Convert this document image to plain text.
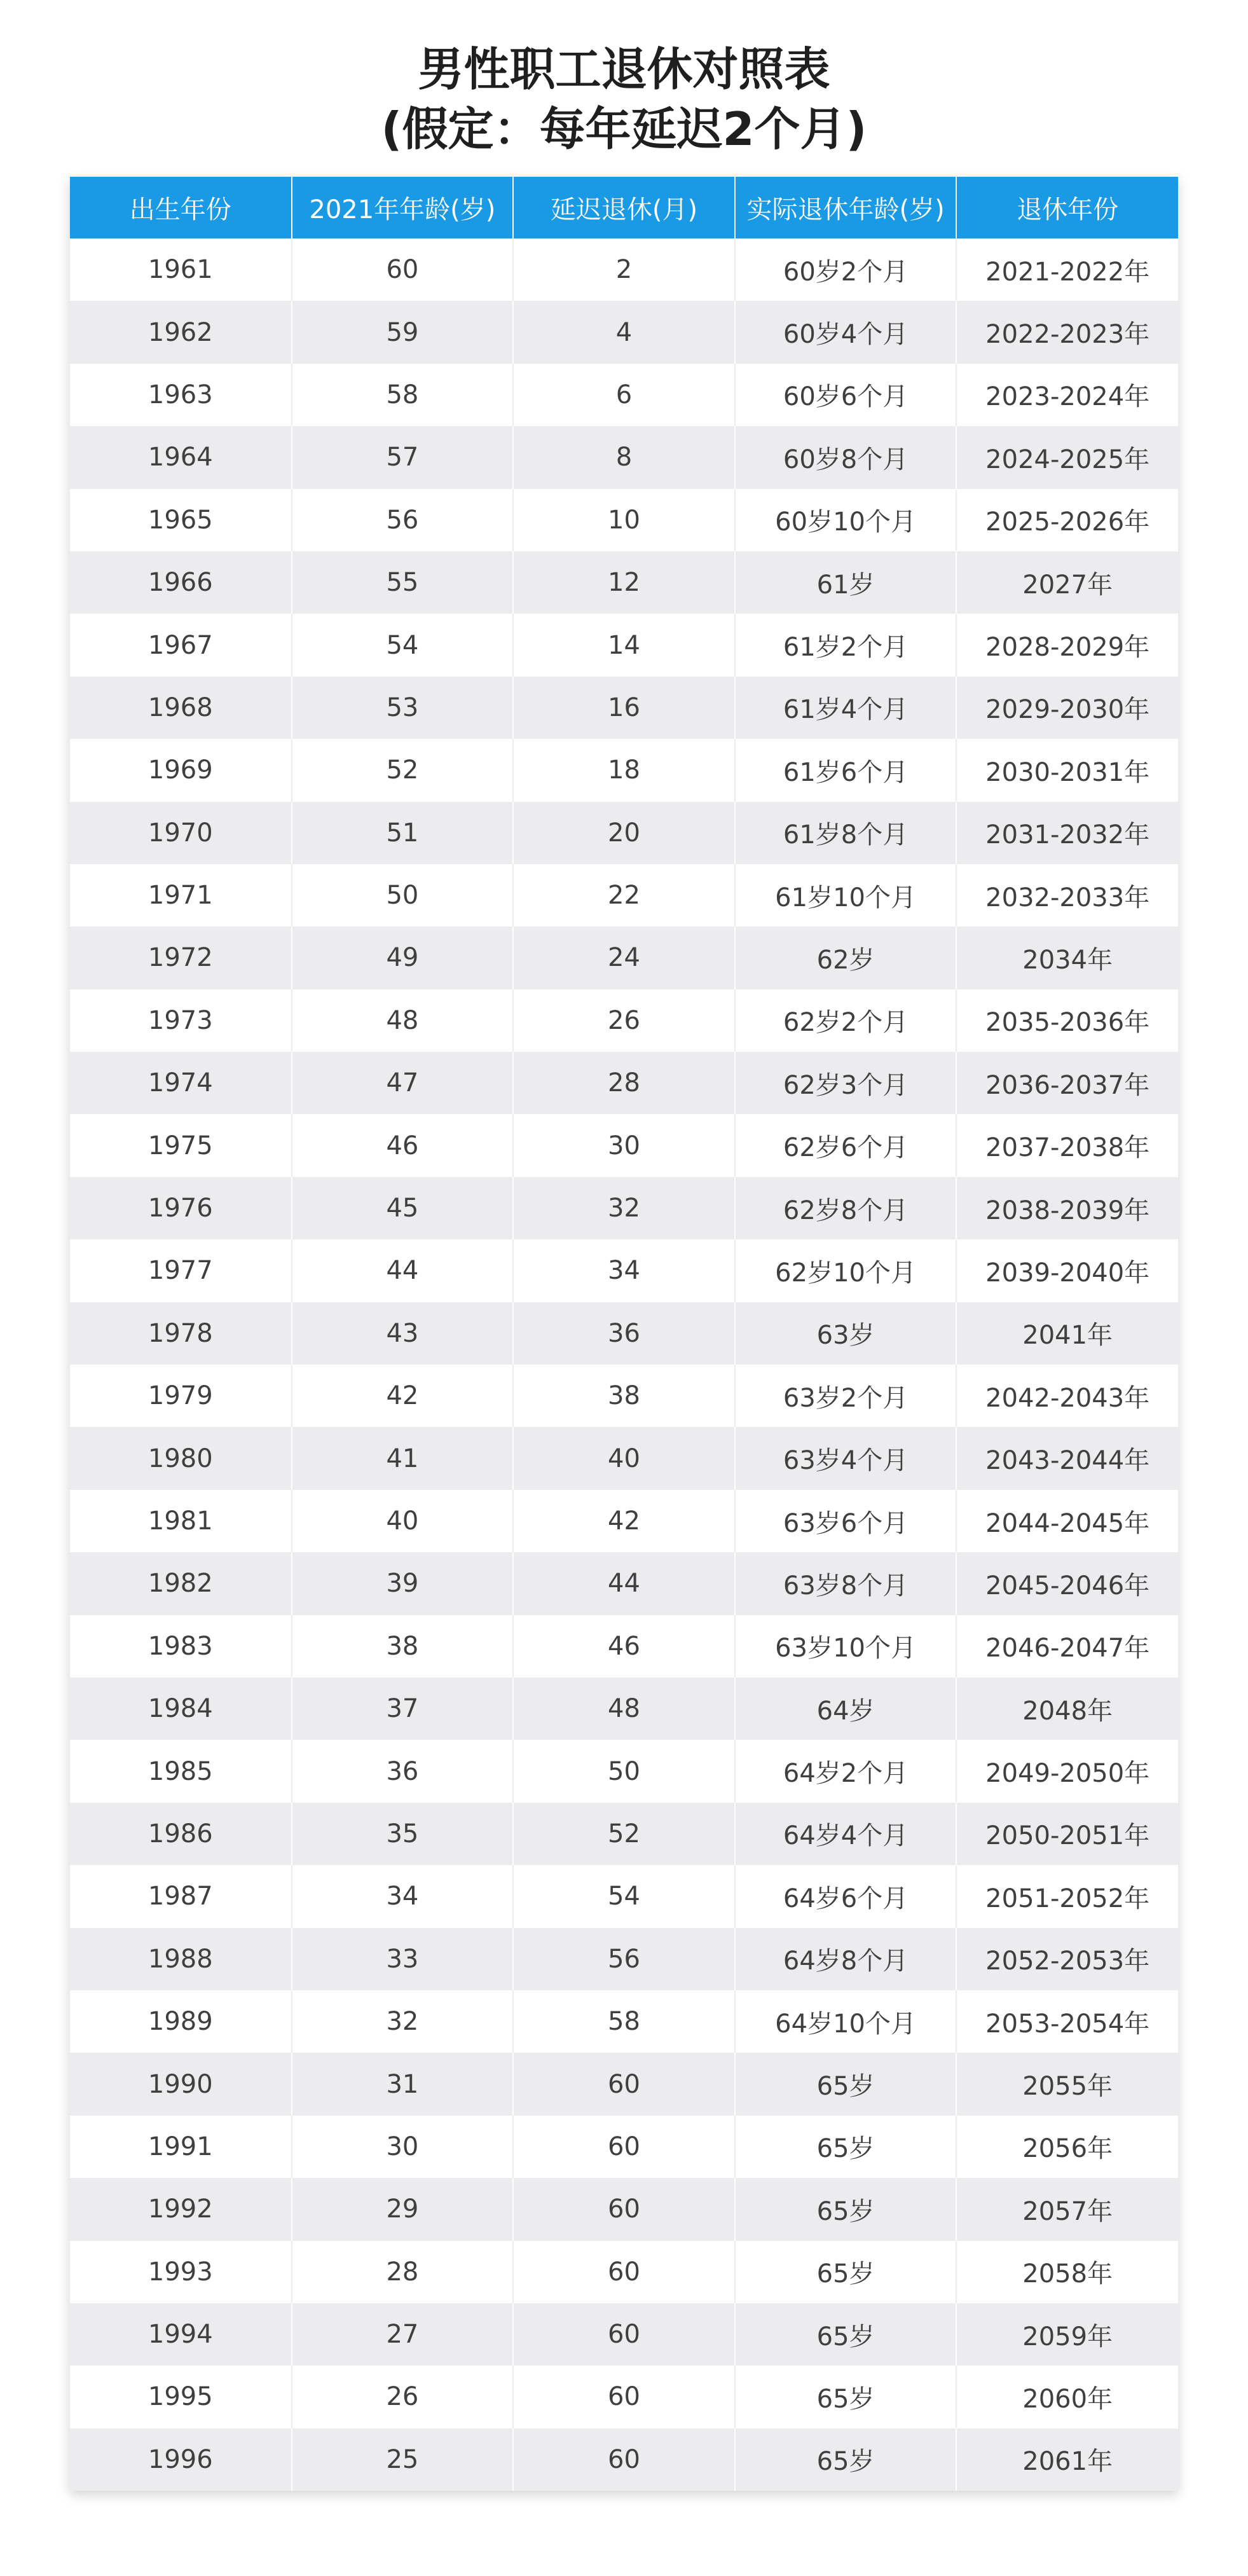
男性职工退休对照表
(假定：每年延迟2个月)
出生年份	2021年年龄(岁)	延迟退休(月)	实际退休年龄(岁)	退休年份
1961	60	2	60岁2个月	2021-2022年
1962	59	4	60岁4个月	2022-2023年
1963	58	6	60岁6个月	2023-2024年
1964	57	8	60岁8个月	2024-2025年
1965	56	10	60岁10个月	2025-2026年
1966	55	12	61岁	2027年
1967	54	14	61岁2个月	2028-2029年
1968	53	16	61岁4个月	2029-2030年
1969	52	18	61岁6个月	2030-2031年
1970	51	20	61岁8个月	2031-2032年
1971	50	22	61岁10个月	2032-2033年
1972	49	24	62岁	2034年
1973	48	26	62岁2个月	2035-2036年
1974	47	28	62岁3个月	2036-2037年
1975	46	30	62岁6个月	2037-2038年
1976	45	32	62岁8个月	2038-2039年
1977	44	34	62岁10个月	2039-2040年
1978	43	36	63岁	2041年
1979	42	38	63岁2个月	2042-2043年
1980	41	40	63岁4个月	2043-2044年
1981	40	42	63岁6个月	2044-2045年
1982	39	44	63岁8个月	2045-2046年
1983	38	46	63岁10个月	2046-2047年
1984	37	48	64岁	2048年
1985	36	50	64岁2个月	2049-2050年
1986	35	52	64岁4个月	2050-2051年
1987	34	54	64岁6个月	2051-2052年
1988	33	56	64岁8个月	2052-2053年
1989	32	58	64岁10个月	2053-2054年
1990	31	60	65岁	2055年
1991	30	60	65岁	2056年
1992	29	60	65岁	2057年
1993	28	60	65岁	2058年
1994	27	60	65岁	2059年
1995	26	60	65岁	2060年
1996	25	60	65岁	2061年
